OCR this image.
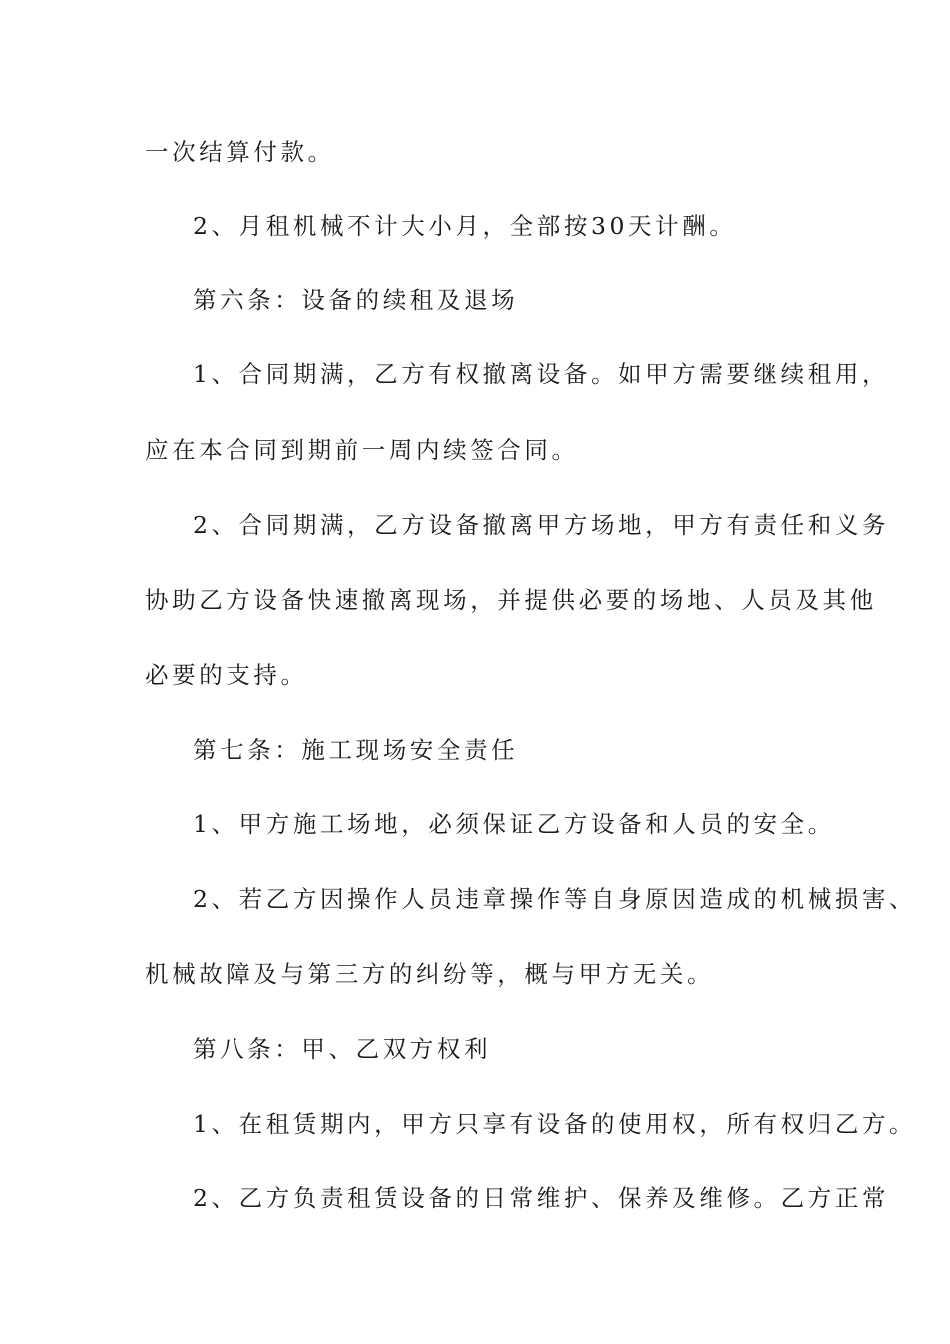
一次结算付款。
2、月租机械不计大小月，全部按30天计酬。
第六条：设备的续租及退场
1、合同期满，乙方有权撤离设备。如甲方需要继续租用，
应在本合同到期前一周内续签合同。
2、合同期满，乙方设备撤离甲方场地，甲方有责任和义务
协助乙方设备快速撤离现场，并提供必要的场地、人员及其他
必要的支持。
第七条：施工现场安全责任
1、甲方施工场地，必须保证乙方设备和人员的安全。
2、若乙方因操作人员违章操作等自身原因造成的机械损害、
机械故障及与第三方的纠纷等，概与甲方无关。
第八条：甲、乙双方权利
1、在租赁期内，甲方只享有设备的使用权，所有权归乙方。
2、乙方负责租赁设备的日常维护、保养及维修。乙方正常
